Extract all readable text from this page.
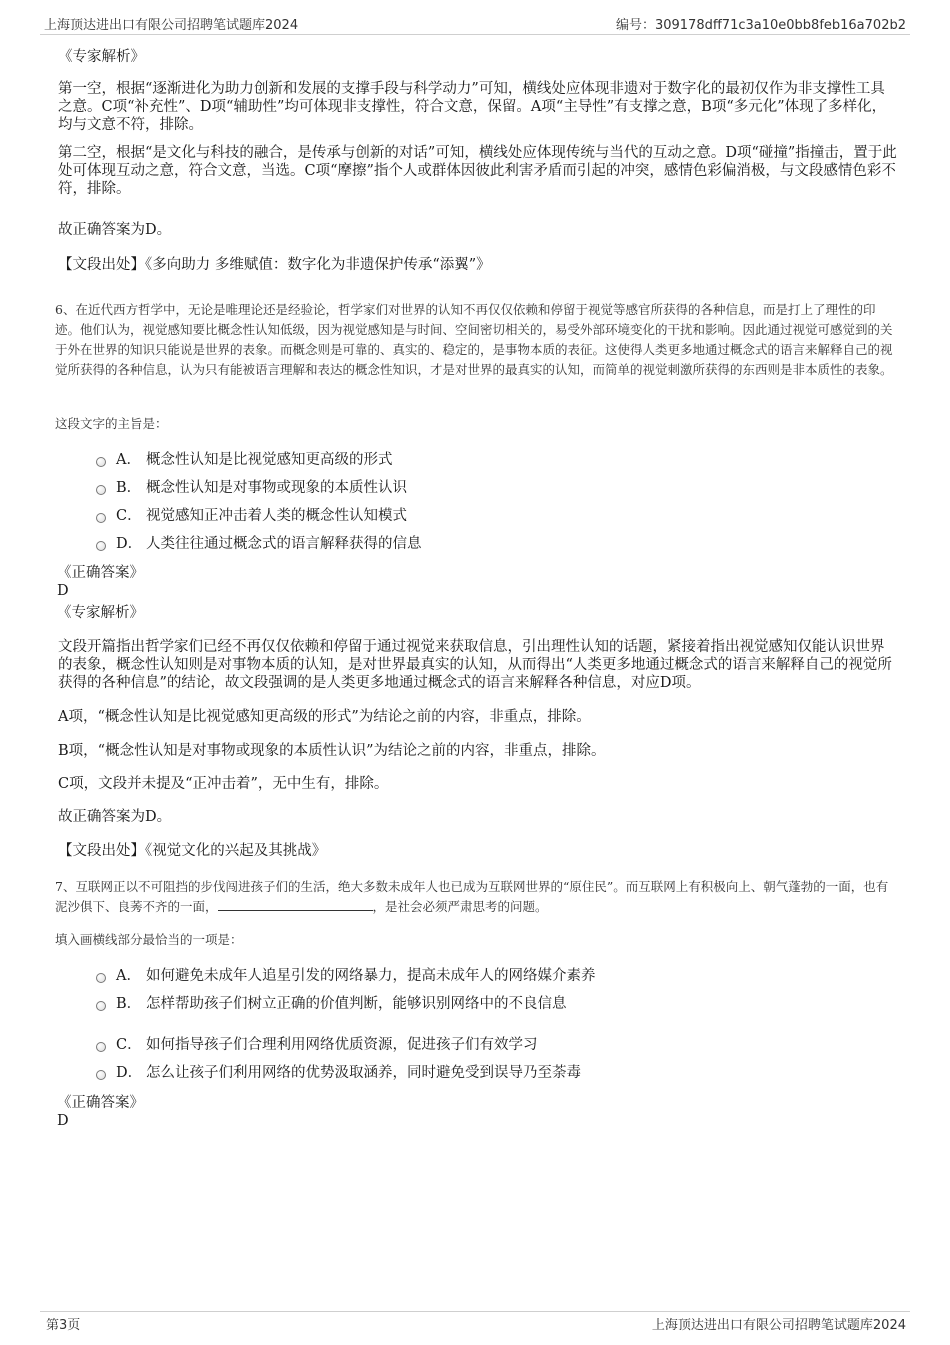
上海顶达进出口有限公司招聘笔试题库2024	编号：309178dff71c3a10e0bb8feb16a702b2
《专家解析》
第一空，根据“逐渐进化为助力创新和发展的支撑手段与科学动力”可知，横线处应体现非遗对于数字化的最初仅作为非支撑性工具之意。C项“补充性”、D项“辅助性”均可体现非支撑性，符合文意，保留。A项“主导性”有支撑之意，B项“多元化”体现了多样化，均与文意不符，排除。
第二空，根据“是文化与科技的融合，是传承与创新的对话”可知，横线处应体现传统与当代的互动之意。D项“碰撞”指撞击，置于此处可体现互动之意，符合文意，当选。C项“摩擦”指个人或群体因彼此利害矛盾而引起的冲突，感情色彩偏消极，与文段感情色彩不符，排除。
故正确答案为D。
【文段出处】《多向助力 多维赋值：数字化为非遗保护传承“添翼”》
6、在近代西方哲学中，无论是唯理论还是经验论，哲学家们对世界的认知不再仅仅依赖和停留于视觉等感官所获得的各种信息，而是打上了理性的印迹。他们认为，视觉感知要比概念性认知低级，因为视觉感知是与时间、空间密切相关的，易受外部环境变化的干扰和影响。因此通过视觉可感觉到的关于外在世界的知识只能说是世界的表象。而概念则是可靠的、真实的、稳定的，是事物本质的表征。这使得人类更多地通过概念式的语言来解释自己的视觉所获得的各种信息，认为只有能被语言理解和表达的概念性知识，才是对世界的最真实的认知，而简单的视觉刺激所获得的东西则是非本质性的表象。
这段文字的主旨是：
A． 概念性认知是比视觉感知更高级的形式
B． 概念性认知是对事物或现象的本质性认识
C． 视觉感知正冲击着人类的概念性认知模式
D． 人类往往通过概念式的语言解释获得的信息
《正确答案》
D
《专家解析》
文段开篇指出哲学家们已经不再仅仅依赖和停留于通过视觉来获取信息，引出理性认知的话题，紧接着指出视觉感知仅能认识世界的表象，概念性认知则是对事物本质的认知，是对世界最真实的认知，从而得出“人类更多地通过概念式的语言来解释自己的视觉所获得的各种信息”的结论，故文段强调的是人类更多地通过概念式的语言来解释各种信息，对应D项。
A项，“概念性认知是比视觉感知更高级的形式”为结论之前的内容，非重点，排除。
B项，“概念性认知是对事物或现象的本质性认识”为结论之前的内容，非重点，排除。
C项，文段并未提及“正冲击着”，无中生有，排除。
故正确答案为D。
【文段出处】《视觉文化的兴起及其挑战》
7、互联网正以不可阻挡的步伐闯进孩子们的生活，绝大多数未成年人也已成为互联网世界的“原住民”。而互联网上有积极向上、朝气蓬勃的一面，也有泥沙俱下、良莠不齐的一面，	，是社会必须严肃思考的问题。
填入画横线部分最恰当的一项是：
A． 如何避免未成年人追星引发的网络暴力，提高未成年人的网络媒介素养
B． 怎样帮助孩子们树立正确的价值判断，能够识别网络中的不良信息
C． 如何指导孩子们合理利用网络优质资源，促进孩子们有效学习
D． 怎么让孩子们利用网络的优势汲取涵养，同时避免受到误导乃至荼毒
《正确答案》
D
第3页	上海顶达进出口有限公司招聘笔试题库2024
